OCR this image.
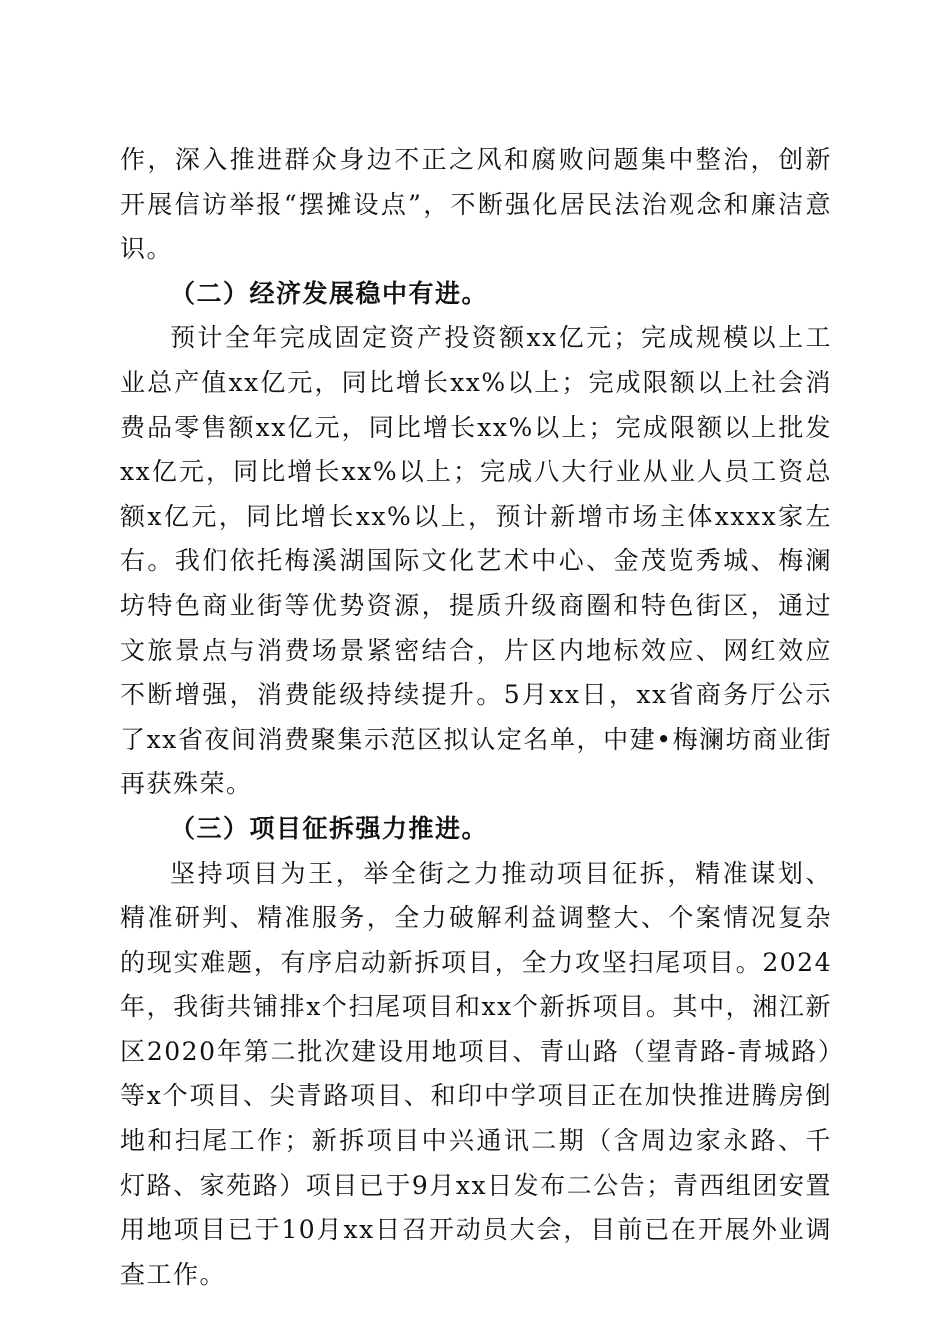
作，深入推进群众身边不正之风和腐败问题集中整治，创新开展信访举报“摆摊设点”，不断强化居民法治观念和廉洁意识。

（二）经济发展稳中有进。

预计全年完成固定资产投资额xx亿元；完成规模以上工业总产值xx亿元，同比增长xx%以上；完成限额以上社会消费品零售额xx亿元，同比增长xx%以上；完成限额以上批发xx亿元，同比增长xx%以上；完成八大行业从业人员工资总额x亿元，同比增长xx%以上，预计新增市场主体xxxx家左右。我们依托梅溪湖国际文化艺术中心、金茂览秀城、梅澜坊特色商业街等优势资源，提质升级商圈和特色街区，通过文旅景点与消费场景紧密结合，片区内地标效应、网红效应不断增强，消费能级持续提升。5月xx日，xx省商务厅公示了xx省夜间消费聚集示范区拟认定名单，中建•梅澜坊商业街再获殊荣。

（三）项目征拆强力推进。

坚持项目为王，举全街之力推动项目征拆，精准谋划、精准研判、精准服务，全力破解利益调整大、个案情况复杂的现实难题，有序启动新拆项目，全力攻坚扫尾项目。2024年，我街共铺排x个扫尾项目和xx个新拆项目。其中，湘江新区2020年第二批次建设用地项目、青山路（望青路-青城路）等x个项目、尖青路项目、和印中学项目正在加快推进腾房倒地和扫尾工作；新拆项目中兴通讯二期（含周边家永路、千灯路、家苑路）项目已于9月xx日发布二公告；青西组团安置用地项目已于10月xx日召开动员大会，目前已在开展外业调查工作。
